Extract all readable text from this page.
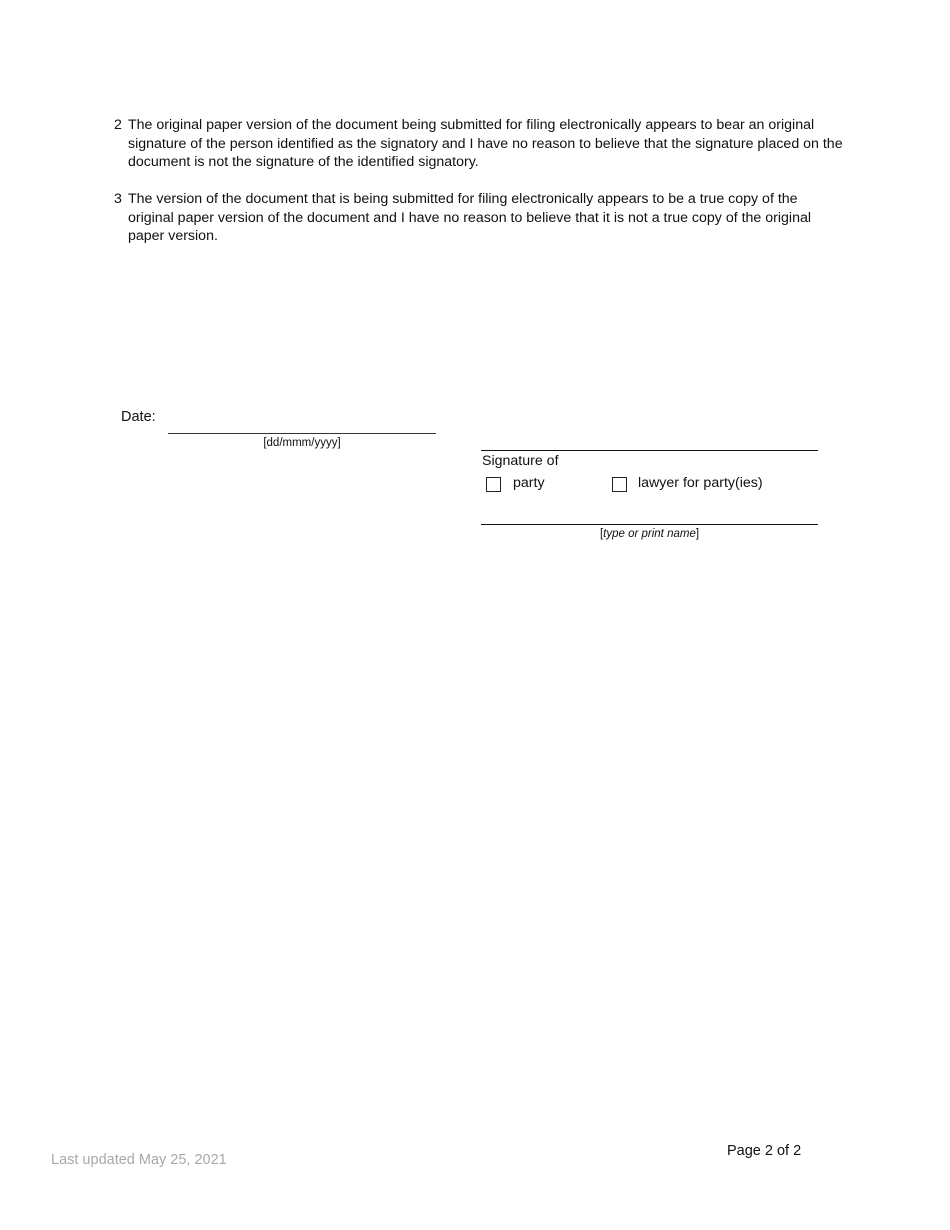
2 The original paper version of the document being submitted for filing electronically appears to bear an original signature of the person identified as the signatory and I have no reason to believe that the signature placed on the document is not the signature of the identified signatory.
3 The version of the document that is being submitted for filing electronically appears to be a true copy of the original paper version of the document and I have no reason to believe that it is not a true copy of the original paper version.
Date:
[dd/mmm/yyyy]
Signature of
party	lawyer for party(ies)
[type or print name]
Page 2 of 2
Last updated May 25, 2021
